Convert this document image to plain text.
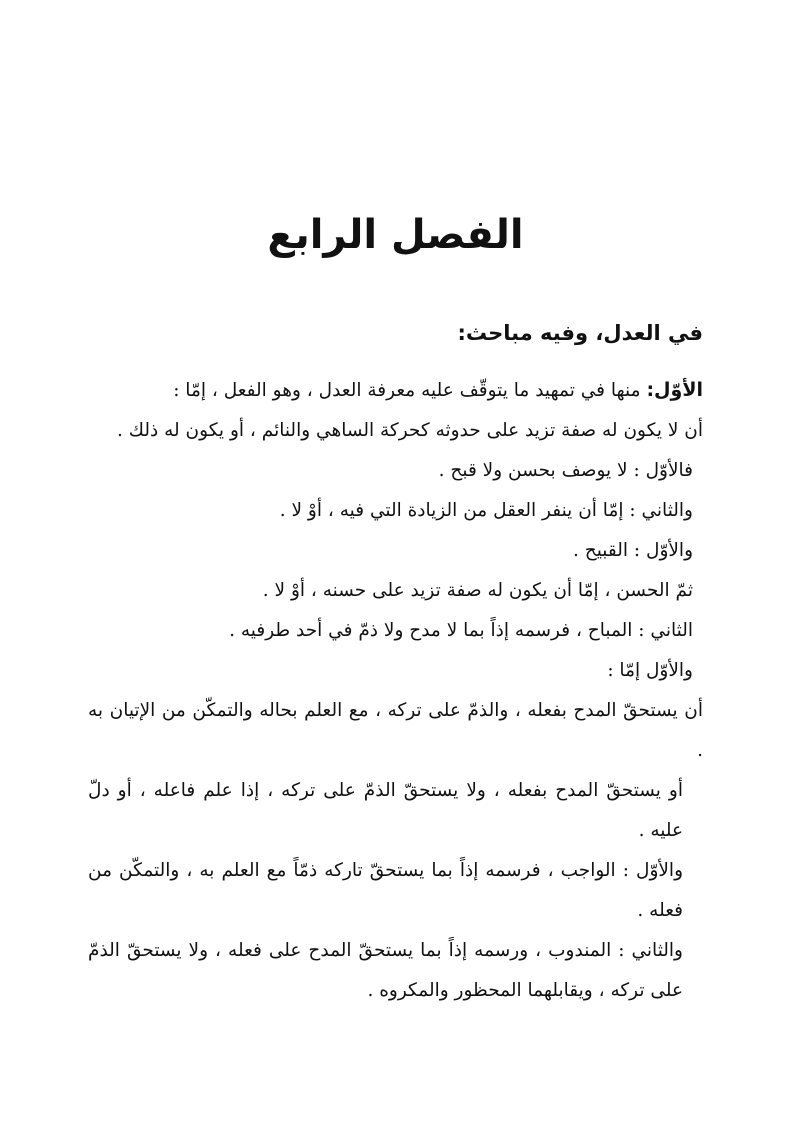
الفصل الرابع
في العدل، وفيه مباحث:

الأوّل: منها في تمهيد ما يتوقّف عليه معرفة العدل ، وهو الفعل ، إمّا :

أن لا يكون له صفة تزيد على حدوثه كحركة الساهي والنائم ، أو يكون له ذلك .

فالأوّل : لا يوصف بحسن ولا قبح .

والثاني : إمّا أن ينفر العقل من الزيادة التي فيه ، أوْ لا .

والأوّل : القبيح .

ثمّ الحسن ، إمّا أن يكون له صفة تزيد على حسنه ، أوْ لا .

الثاني : المباح ، فرسمه إذاً بما لا مدح ولا ذمّ في أحد طرفيه .

والأوّل إمّا :

أن يستحقّ المدح بفعله ، والذمّ على تركه ، مع العلم بحاله والتمكّن من الإتيان به .

أو يستحقّ المدح بفعله ، ولا يستحقّ الذمّ على تركه ، إذا علم فاعله ، أو دلّ عليه .

والأوّل : الواجب ، فرسمه إذاً بما يستحقّ تاركه ذمّاً مع العلم به ، والتمكّن من فعله .

والثاني : المندوب ، ورسمه إذاً بما يستحقّ المدح على فعله ، ولا يستحقّ الذمّ على تركه ، ويقابلهما المحظور والمكروه .
